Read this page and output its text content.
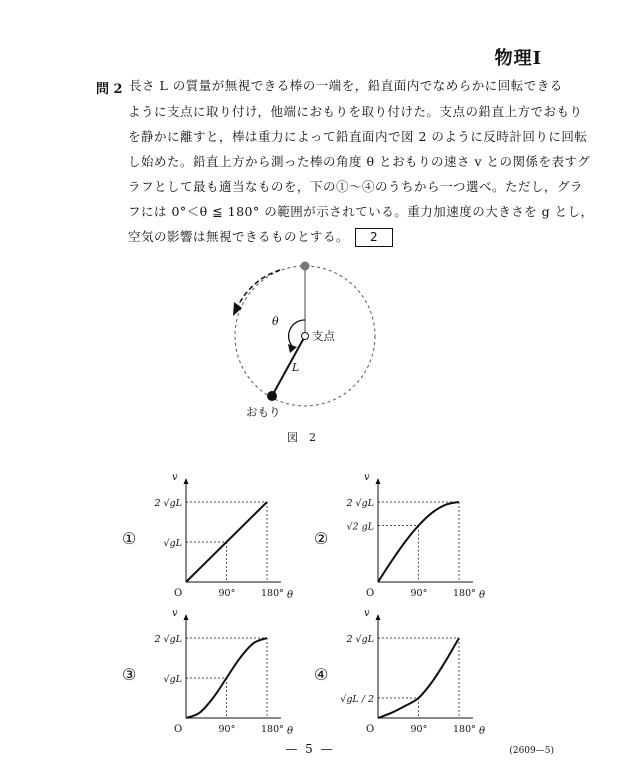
物理Ⅰ
問 2 長さ L の質量が無視できる棒の一端を，鉛直面内でなめらかに回転できる
ように支点に取り付け，他端におもりを取り付けた。支点の鉛直上方でおもり
を静かに離すと，棒は重力によって鉛直面内で図 2 のように反時計回りに回転
し始めた。鉛直上方から測った棒の角度 θ とおもりの速さ v との関係を表すグ
ラフとして最も適当なものを，下の①〜④のうちから一つ選べ。ただし，グラ
フには 0°＜θ ≦ 180° の範囲が示されている。重力加速度の大きさを g とし，
空気の影響は無視できるものとする。 2
θ
支点
L
おもり
図　2
v
θ
O	90°	180°
2 √gL
√gL
①
v
θ
O	90°	180°
2 √gL
√2 gL
②
v
θ
O	90°	180°
2 √gL
√gL
③
v
θ
O	90°	180°
2 √gL
√gL / 2
④
— 5 —	(2609—5)
